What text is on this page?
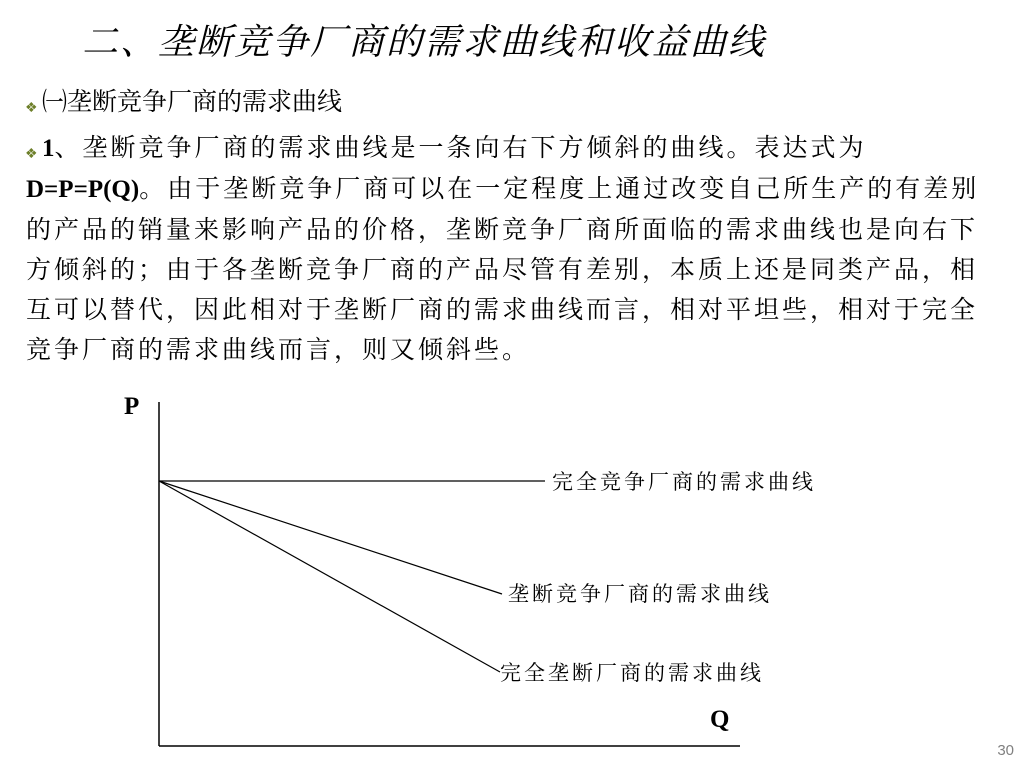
二、垄断竞争厂商的需求曲线和收益曲线
❖㈠垄断竞争厂商的需求曲线
❖1、垄断竞争厂商的需求曲线是一条向右下方倾斜的曲线。表达式为D=P=P(Q)。由于垄断竞争厂商可以在一定程度上通过改变自己所生产的有差别的产品的销量来影响产品的价格，垄断竞争厂商所面临的需求曲线也是向右下方倾斜的；由于各垄断竞争厂商的产品尽管有差别，本质上还是同类产品，相互可以替代，因此相对于垄断厂商的需求曲线而言，相对平坦些，相对于完全竞争厂商的需求曲线而言，则又倾斜些。
P
Q
完全竞争厂商的需求曲线
垄断竞争厂商的需求曲线
完全垄断厂商的需求曲线
30
